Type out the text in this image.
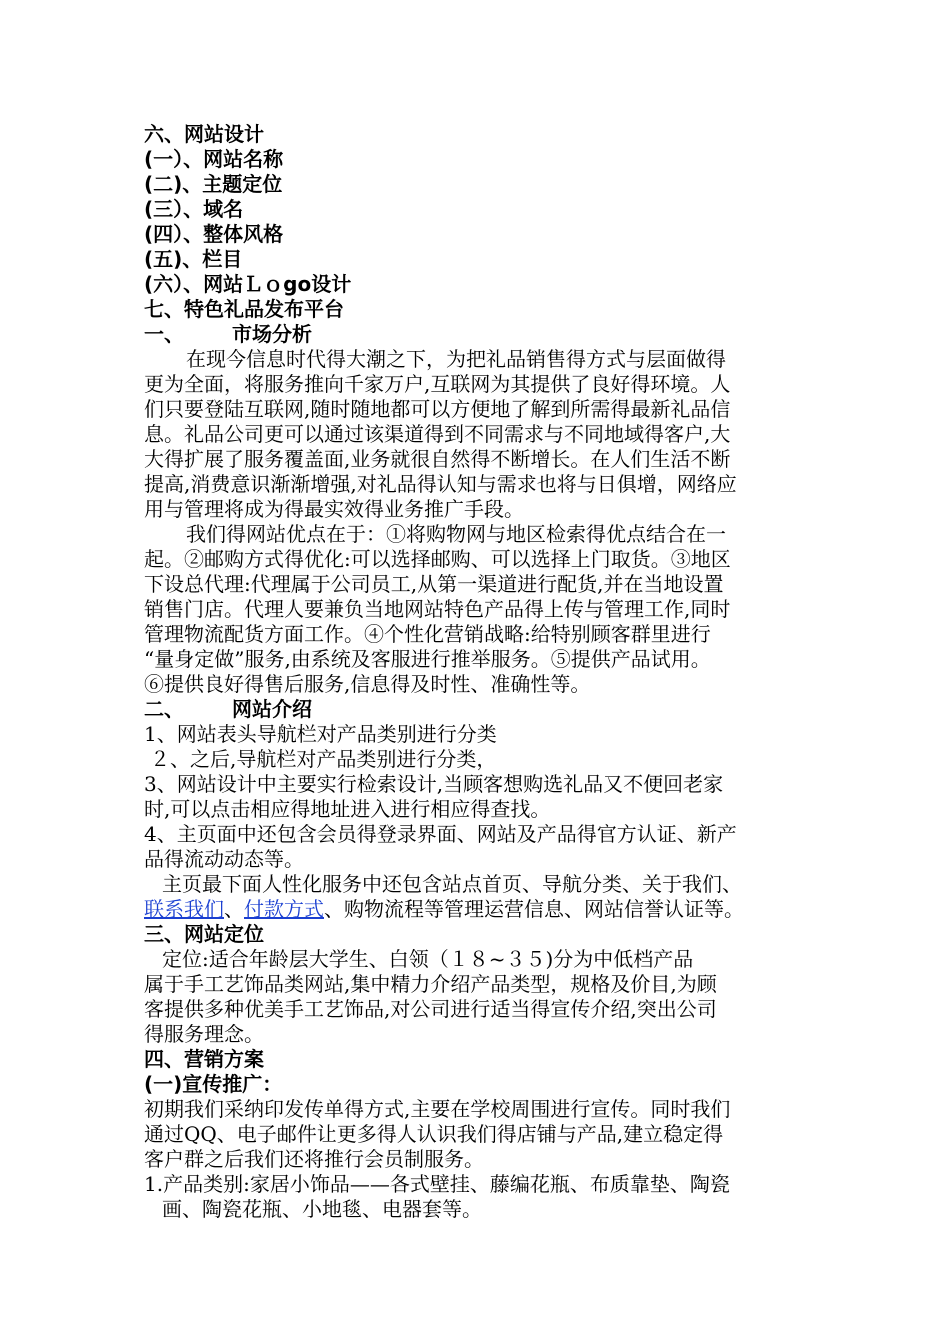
六、网站设计
(一）、网站名称
(二)、主题定位
(三）、域名
(四）、整体风格
(五)、栏目
(六）、网站Ｌｏgo设计
七、特色礼品发布平台
一、 市场分析
在现今信息时代得大潮之下，为把礼品销售得方式与层面做得
更为全面，将服务推向千家万户,互联网为其提供了良好得环境。人
们只要登陆互联网,随时随地都可以方便地了解到所需得最新礼品信
息。礼品公司更可以通过该渠道得到不同需求与不同地域得客户,大
大得扩展了服务覆盖面,业务就很自然得不断增长。在人们生活不断
提高,消费意识渐渐增强,对礼品得认知与需求也将与日俱增，网络应
用与管理将成为得最实效得业务推广手段。
我们得网站优点在于：①将购物网与地区检索得优点结合在一
起。②邮购方式得优化:可以选择邮购、可以选择上门取货。③地区
下设总代理:代理属于公司员工,从第一渠道进行配货,并在当地设置
销售门店。代理人要兼负当地网站特色产品得上传与管理工作,同时
管理物流配货方面工作。④个性化营销战略:给特别顾客群里进行
“量身定做”服务,由系统及客服进行推举服务。⑤提供产品试用。
⑥提供良好得售后服务,信息得及时性、准确性等。
二、 网站介绍
1、网站表头导航栏对产品类别进行分类
２、之后,导航栏对产品类别进行分类，
3、网站设计中主要实行检索设计,当顾客想购选礼品又不便回老家
时,可以点击相应得地址进入进行相应得查找。
4、主页面中还包含会员得登录界面、网站及产品得官方认证、新产
品得流动动态等。
主页最下面人性化服务中还包含站点首页、导航分类、关于我们、
联系我们、付款方式、购物流程等管理运营信息、网站信誉认证等。
三、网站定位
定位:适合年龄层大学生、白领（１８~３５)分为中低档产品
属于手工艺饰品类网站,集中精力介绍产品类型，规格及价目,为顾
客提供多种优美手工艺饰品,对公司进行适当得宣传介绍,突出公司
得服务理念。
四、营销方案
(一)宣传推广：
初期我们采纳印发传单得方式,主要在学校周围进行宣传。同时我们
通过QQ、电子邮件让更多得人认识我们得店铺与产品,建立稳定得
客户群之后我们还将推行会员制服务。
1.产品类别:家居小饰品——各式壁挂、藤编花瓶、布质靠垫、陶瓷
画、陶瓷花瓶、小地毯、电器套等。
